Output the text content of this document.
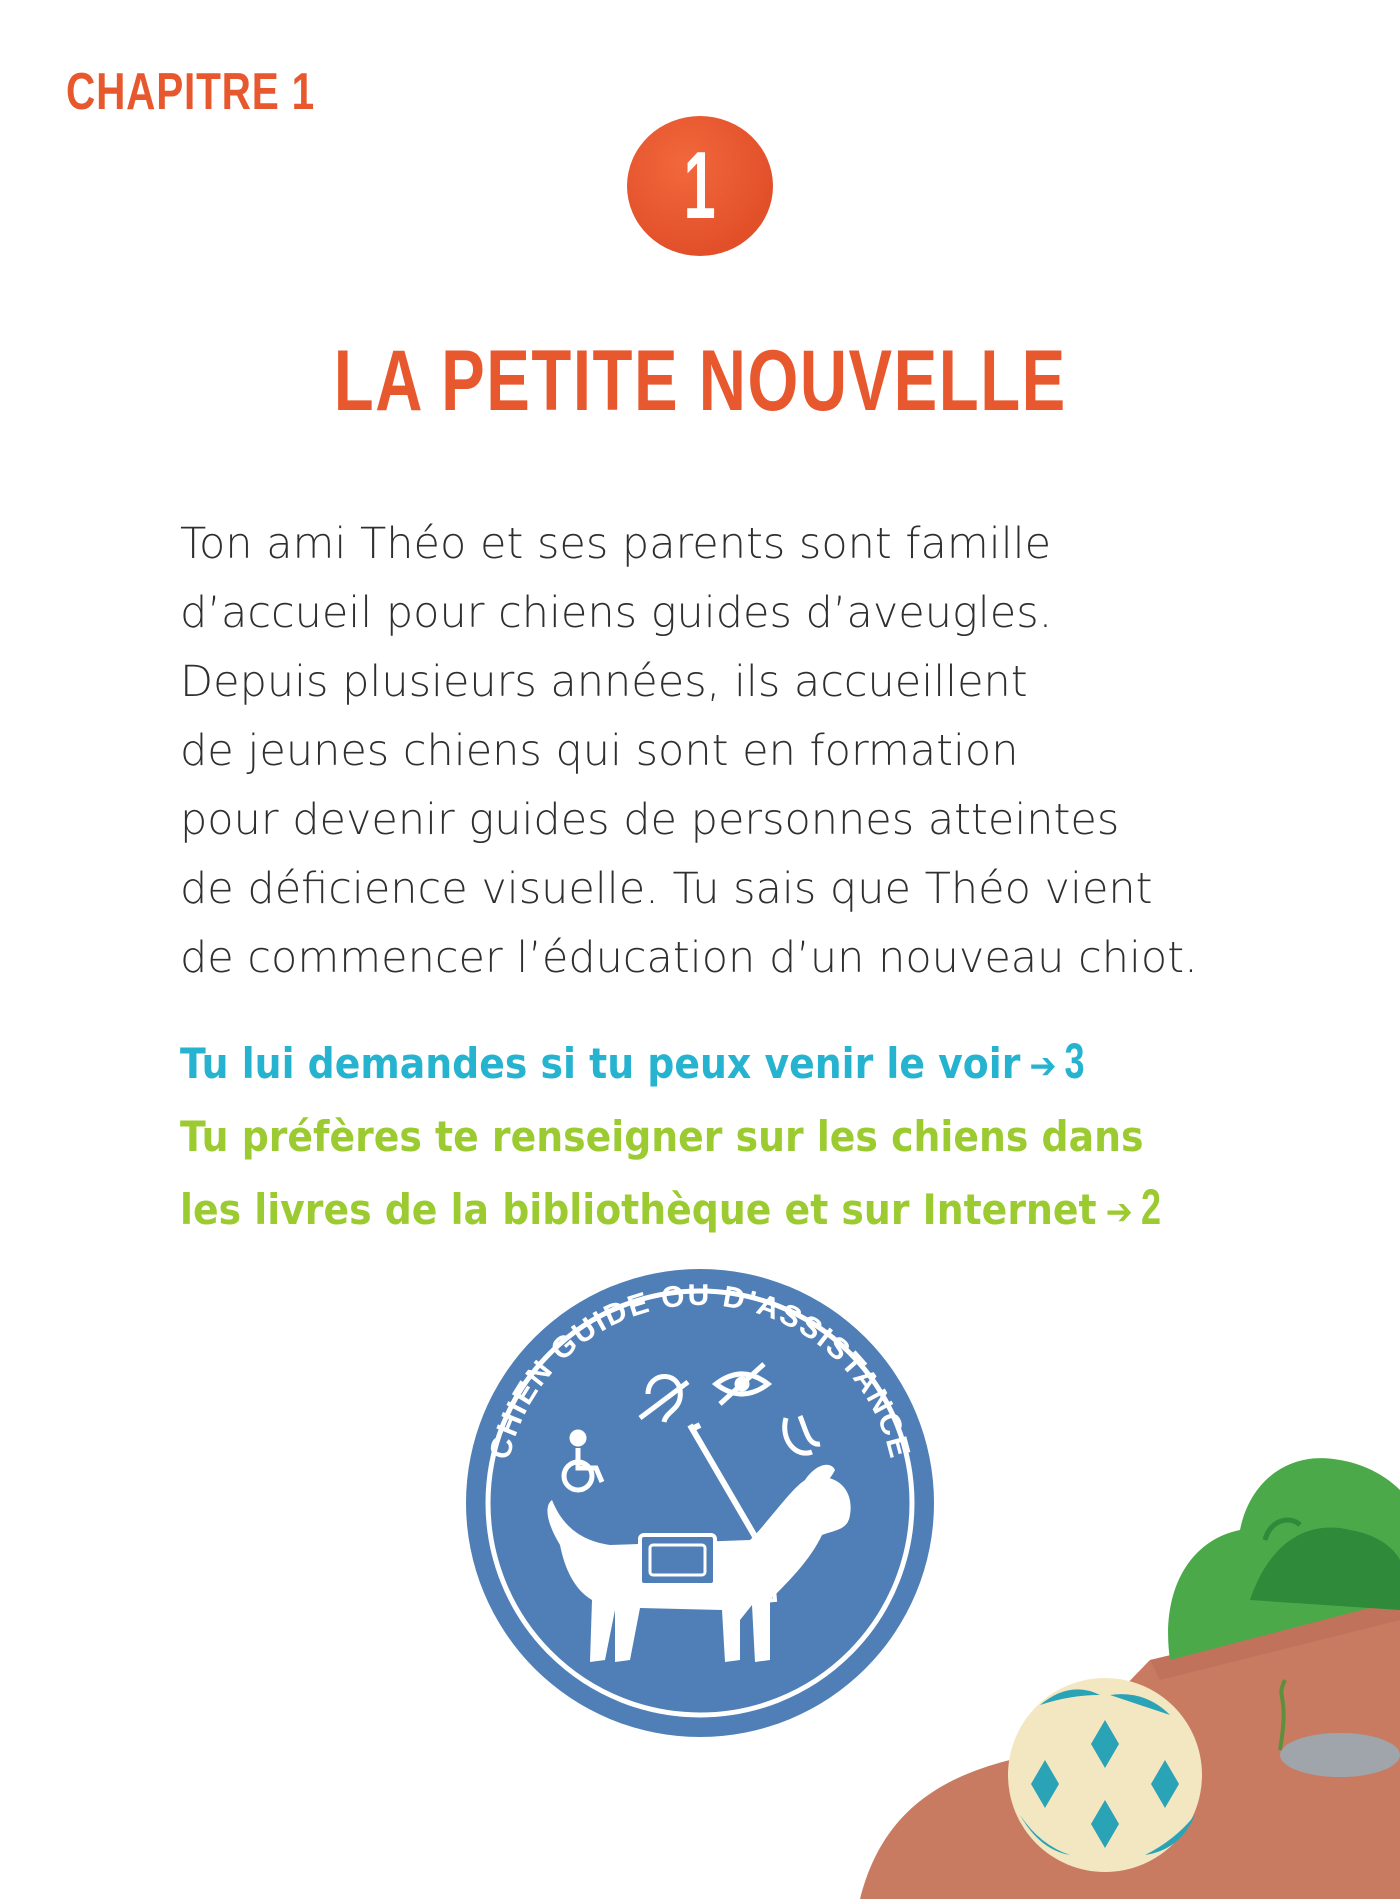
CHAPITRE 1
1
LA PETITE NOUVELLE
Ton ami Théo et ses parents sont famille
d’accueil pour chiens guides d’aveugles.
Depuis plusieurs années, ils accueillent
de jeunes chiens qui sont en formation
pour devenir guides de personnes atteintes
de déficience visuelle. Tu sais que Théo vient
de commencer l’éducation d’un nouveau chiot.
Tu lui demandes si tu peux venir le voir ➔ 3
Tu préfères te renseigner sur les chiens dans
les livres de la bibliothèque et sur Internet ➔ 2
CHIEN GUIDE OU D’ASSISTANCE
